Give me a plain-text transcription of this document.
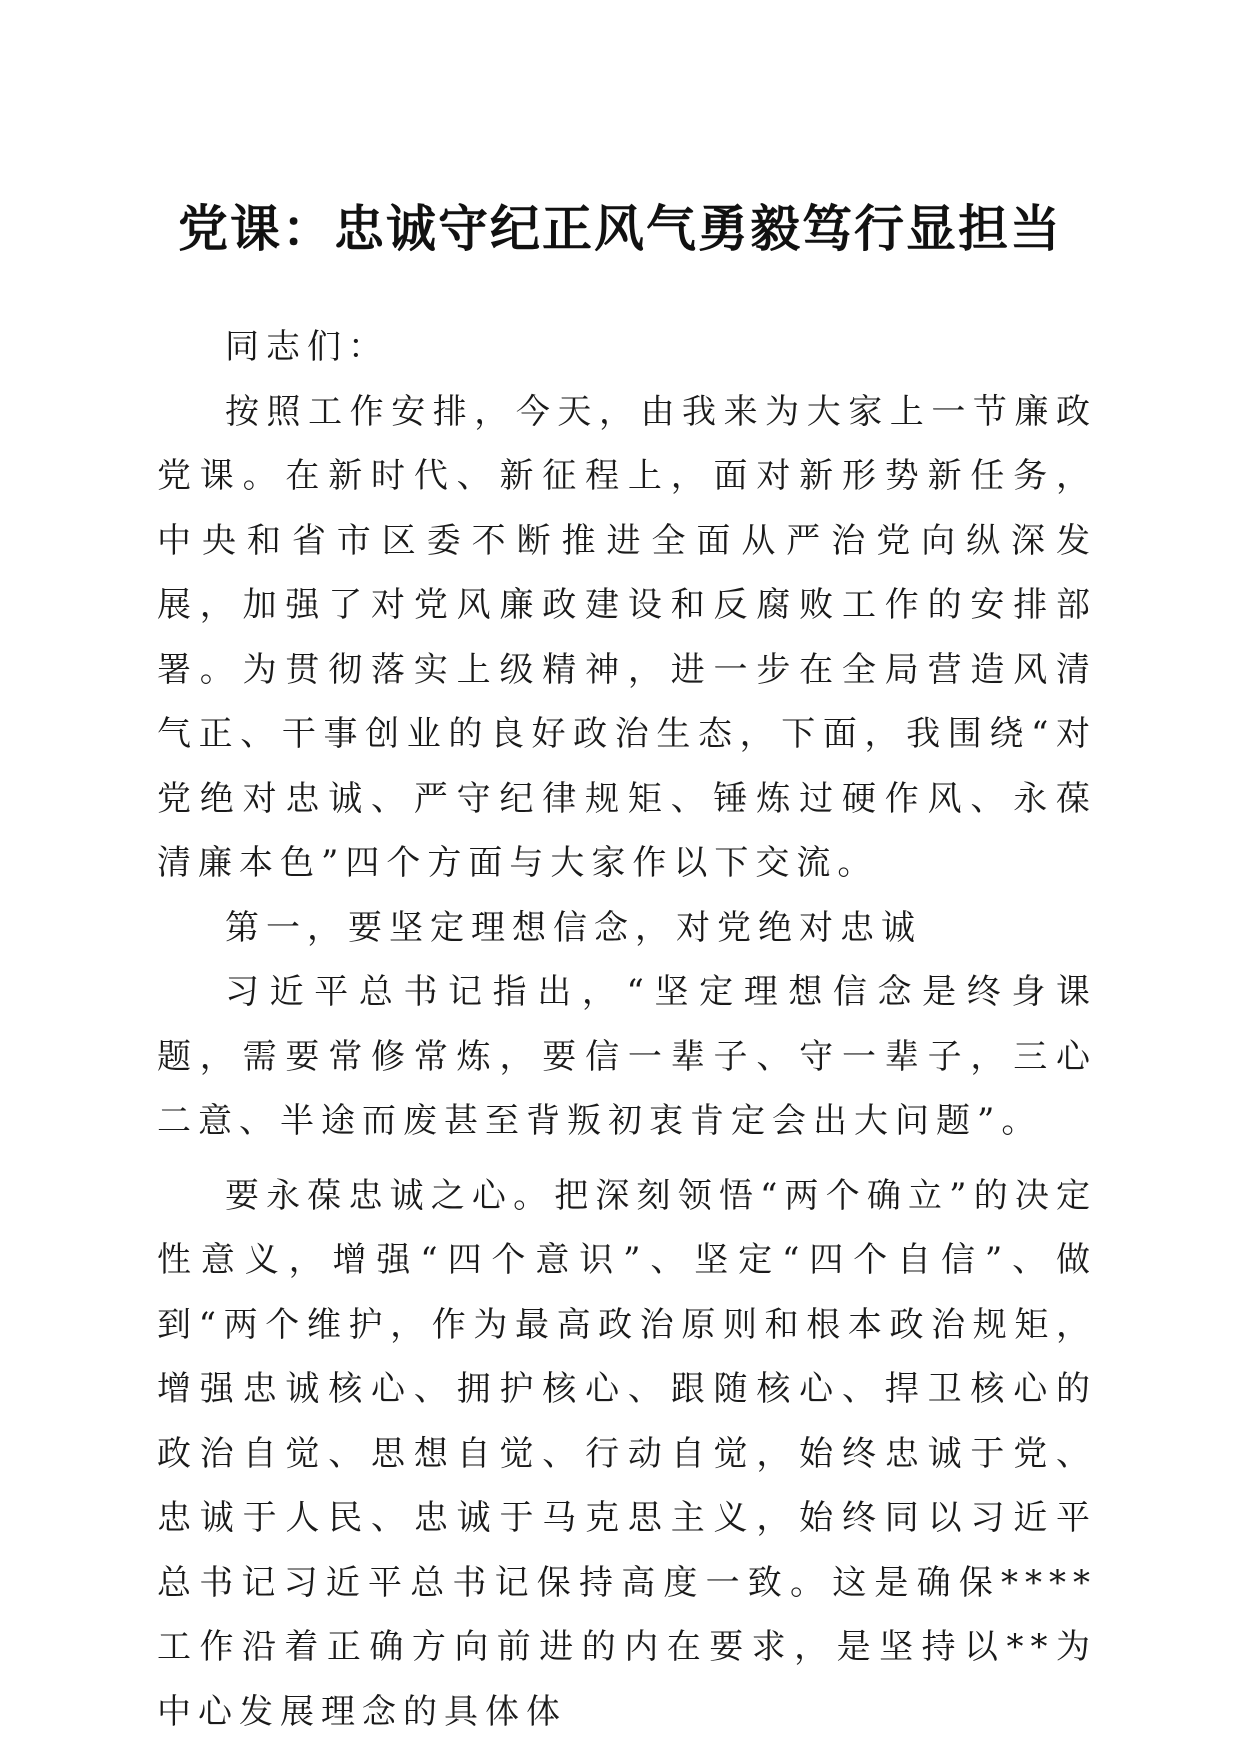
党课：忠诚守纪正风气勇毅笃行显担当

同志们：

按照工作安排，今天，由我来为大家上一节廉政党课。在新时代、新征程上，面对新形势新任务，中央和省市区委不断推进全面从严治党向纵深发展，加强了对党风廉政建设和反腐败工作的安排部署。为贯彻落实上级精神，进一步在全局营造风清气正、干事创业的良好政治生态，下面，我围绕“对党绝对忠诚、严守纪律规矩、锤炼过硬作风、永葆清廉本色”四个方面与大家作以下交流。

第一，要坚定理想信念，对党绝对忠诚

习近平总书记指出，“坚定理想信念是终身课题，需要常修常炼，要信一辈子、守一辈子，三心二意、半途而废甚至背叛初衷肯定会出大问题”。

要永葆忠诚之心。把深刻领悟“两个确立”的决定性意义，增强“四个意识”、坚定“四个自信”、做到“两个维护，作为最高政治原则和根本政治规矩，增强忠诚核心、拥护核心、跟随核心、捍卫核心的政治自觉、思想自觉、行动自觉，始终忠诚于党、忠诚于人民、忠诚于马克思主义，始终同以习近平总书记习近平总书记保持高度一致。这是确保****工作沿着正确方向前进的内在要求，是坚持以**为中心发展理念的具体体
